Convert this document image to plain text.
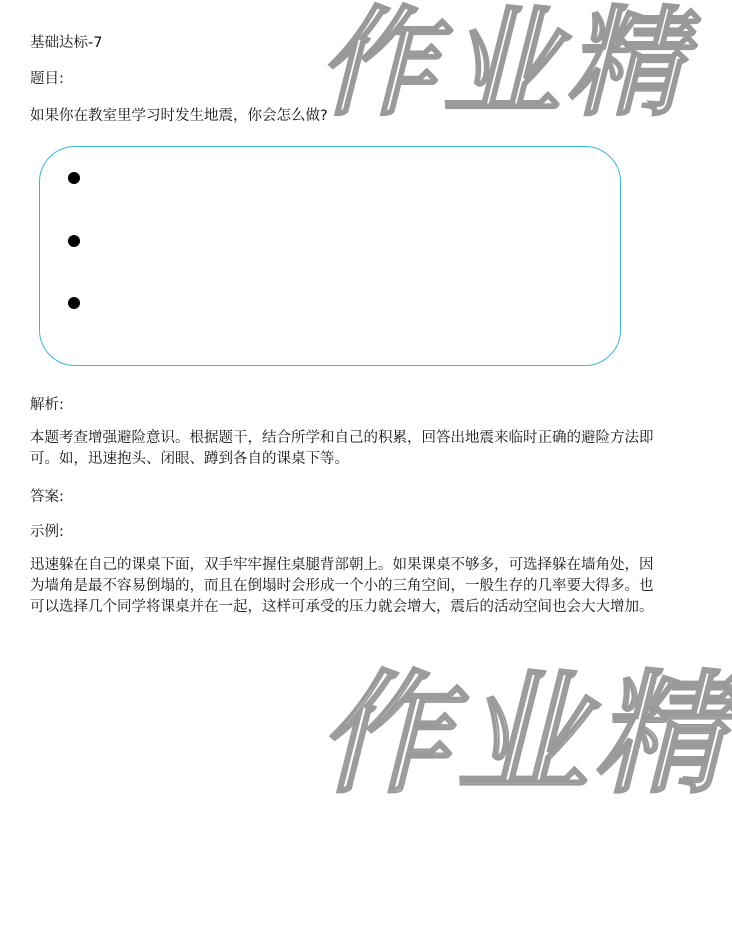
作业精
作业精

基础达标-7

题目:

如果你在教室里学习时发生地震，你会怎么做?

解析:

本题考查增强避险意识。根据题干，结合所学和自己的积累，回答出地震来临时正确的避险方法即可。如，迅速抱头、闭眼、蹲到各自的课桌下等。

答案:

示例:

迅速躲在自己的课桌下面，双手牢牢握住桌腿背部朝上。如果课桌不够多，可选择躲在墙角处，因为墙角是最不容易倒塌的，而且在倒塌时会形成一个小的三角空间，一般生存的几率要大得多。也可以选择几个同学将课桌并在一起，这样可承受的压力就会增大，震后的活动空间也会大大增加。
